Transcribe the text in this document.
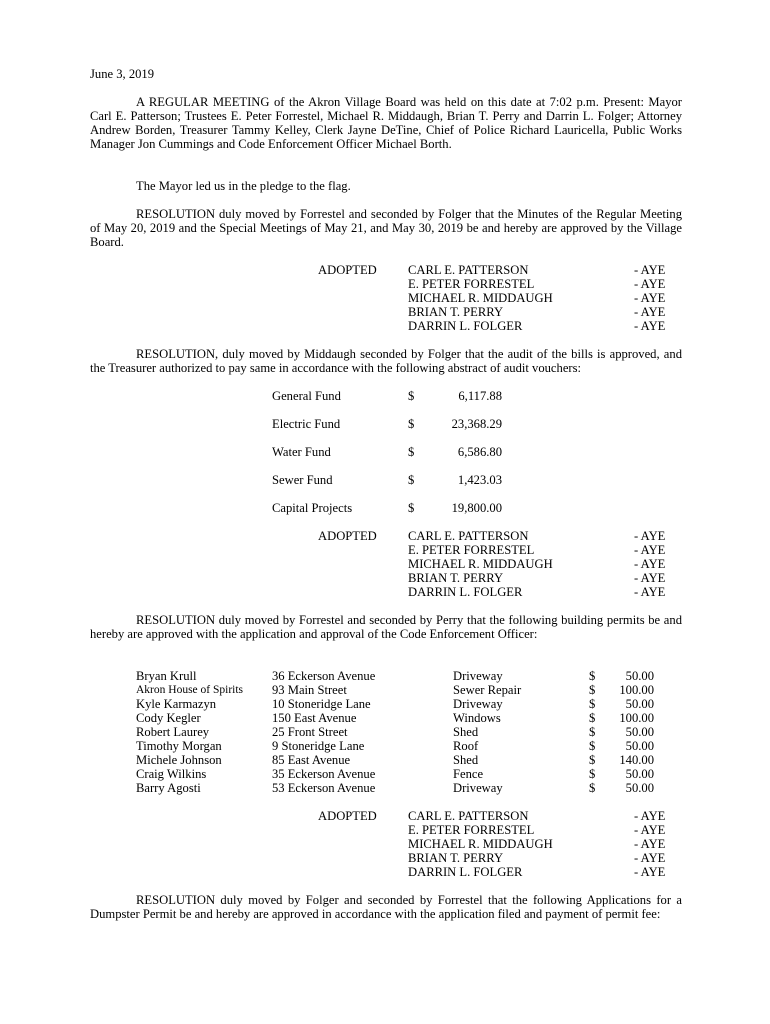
June 3, 2019
A REGULAR MEETING of the Akron Village Board was held on this date at 7:02 p.m. Present: Mayor Carl E. Patterson; Trustees E. Peter Forrestel, Michael R. Middaugh, Brian T. Perry and Darrin L. Folger; Attorney Andrew Borden, Treasurer Tammy Kelley, Clerk Jayne DeTine, Chief of Police Richard Lauricella, Public Works Manager Jon Cummings and Code Enforcement Officer Michael Borth.
The Mayor led us in the pledge to the flag.
RESOLUTION duly moved by Forrestel and seconded by Folger that the Minutes of the Regular Meeting of May 20, 2019 and the Special Meetings of May 21, and May 30, 2019 be and hereby are approved by the Village Board.
ADOPTED CARL E. PATTERSON	- AYE
E. PETER FORRESTEL	- AYE
MICHAEL R. MIDDAUGH	- AYE
BRIAN T. PERRY	- AYE
DARRIN L. FOLGER	- AYE
RESOLUTION, duly moved by Middaugh seconded by Folger that the audit of the bills is approved, and the Treasurer authorized to pay same in accordance with the following abstract of audit vouchers:
General Fund	$	6,117.88
Electric Fund	$	23,368.29
Water Fund	$	6,586.80
Sewer Fund	$	1,423.03
Capital Projects	$	19,800.00
ADOPTED CARL E. PATTERSON	- AYE
E. PETER FORRESTEL	- AYE
MICHAEL R. MIDDAUGH	- AYE
BRIAN T. PERRY	- AYE
DARRIN L. FOLGER	- AYE
RESOLUTION duly moved by Forrestel and seconded by Perry that the following building permits be and hereby are approved with the application and approval of the Code Enforcement Officer:
Bryan Krull	36 Eckerson Avenue	Driveway	$ 50.00
Akron House of Spirits 93 Main Street	Sewer Repair	$ 100.00
Kyle Karmazyn	10 Stoneridge Lane	Driveway	$ 50.00
Cody Kegler	150 East Avenue	Windows	$ 100.00
Robert Laurey	25 Front Street	Shed	$ 50.00
Timothy Morgan	9 Stoneridge Lane	Roof	$ 50.00
Michele Johnson	85 East Avenue	Shed	$ 140.00
Craig Wilkins	35 Eckerson Avenue	Fence	$ 50.00
Barry Agosti	53 Eckerson Avenue	Driveway	$ 50.00
ADOPTED CARL E. PATTERSON	- AYE
E. PETER FORRESTEL	- AYE
MICHAEL R. MIDDAUGH	- AYE
BRIAN T. PERRY	- AYE
DARRIN L. FOLGER	- AYE
RESOLUTION duly moved by Folger and seconded by Forrestel that the following Applications for a Dumpster Permit be and hereby are approved in accordance with the application filed and payment of permit fee:
